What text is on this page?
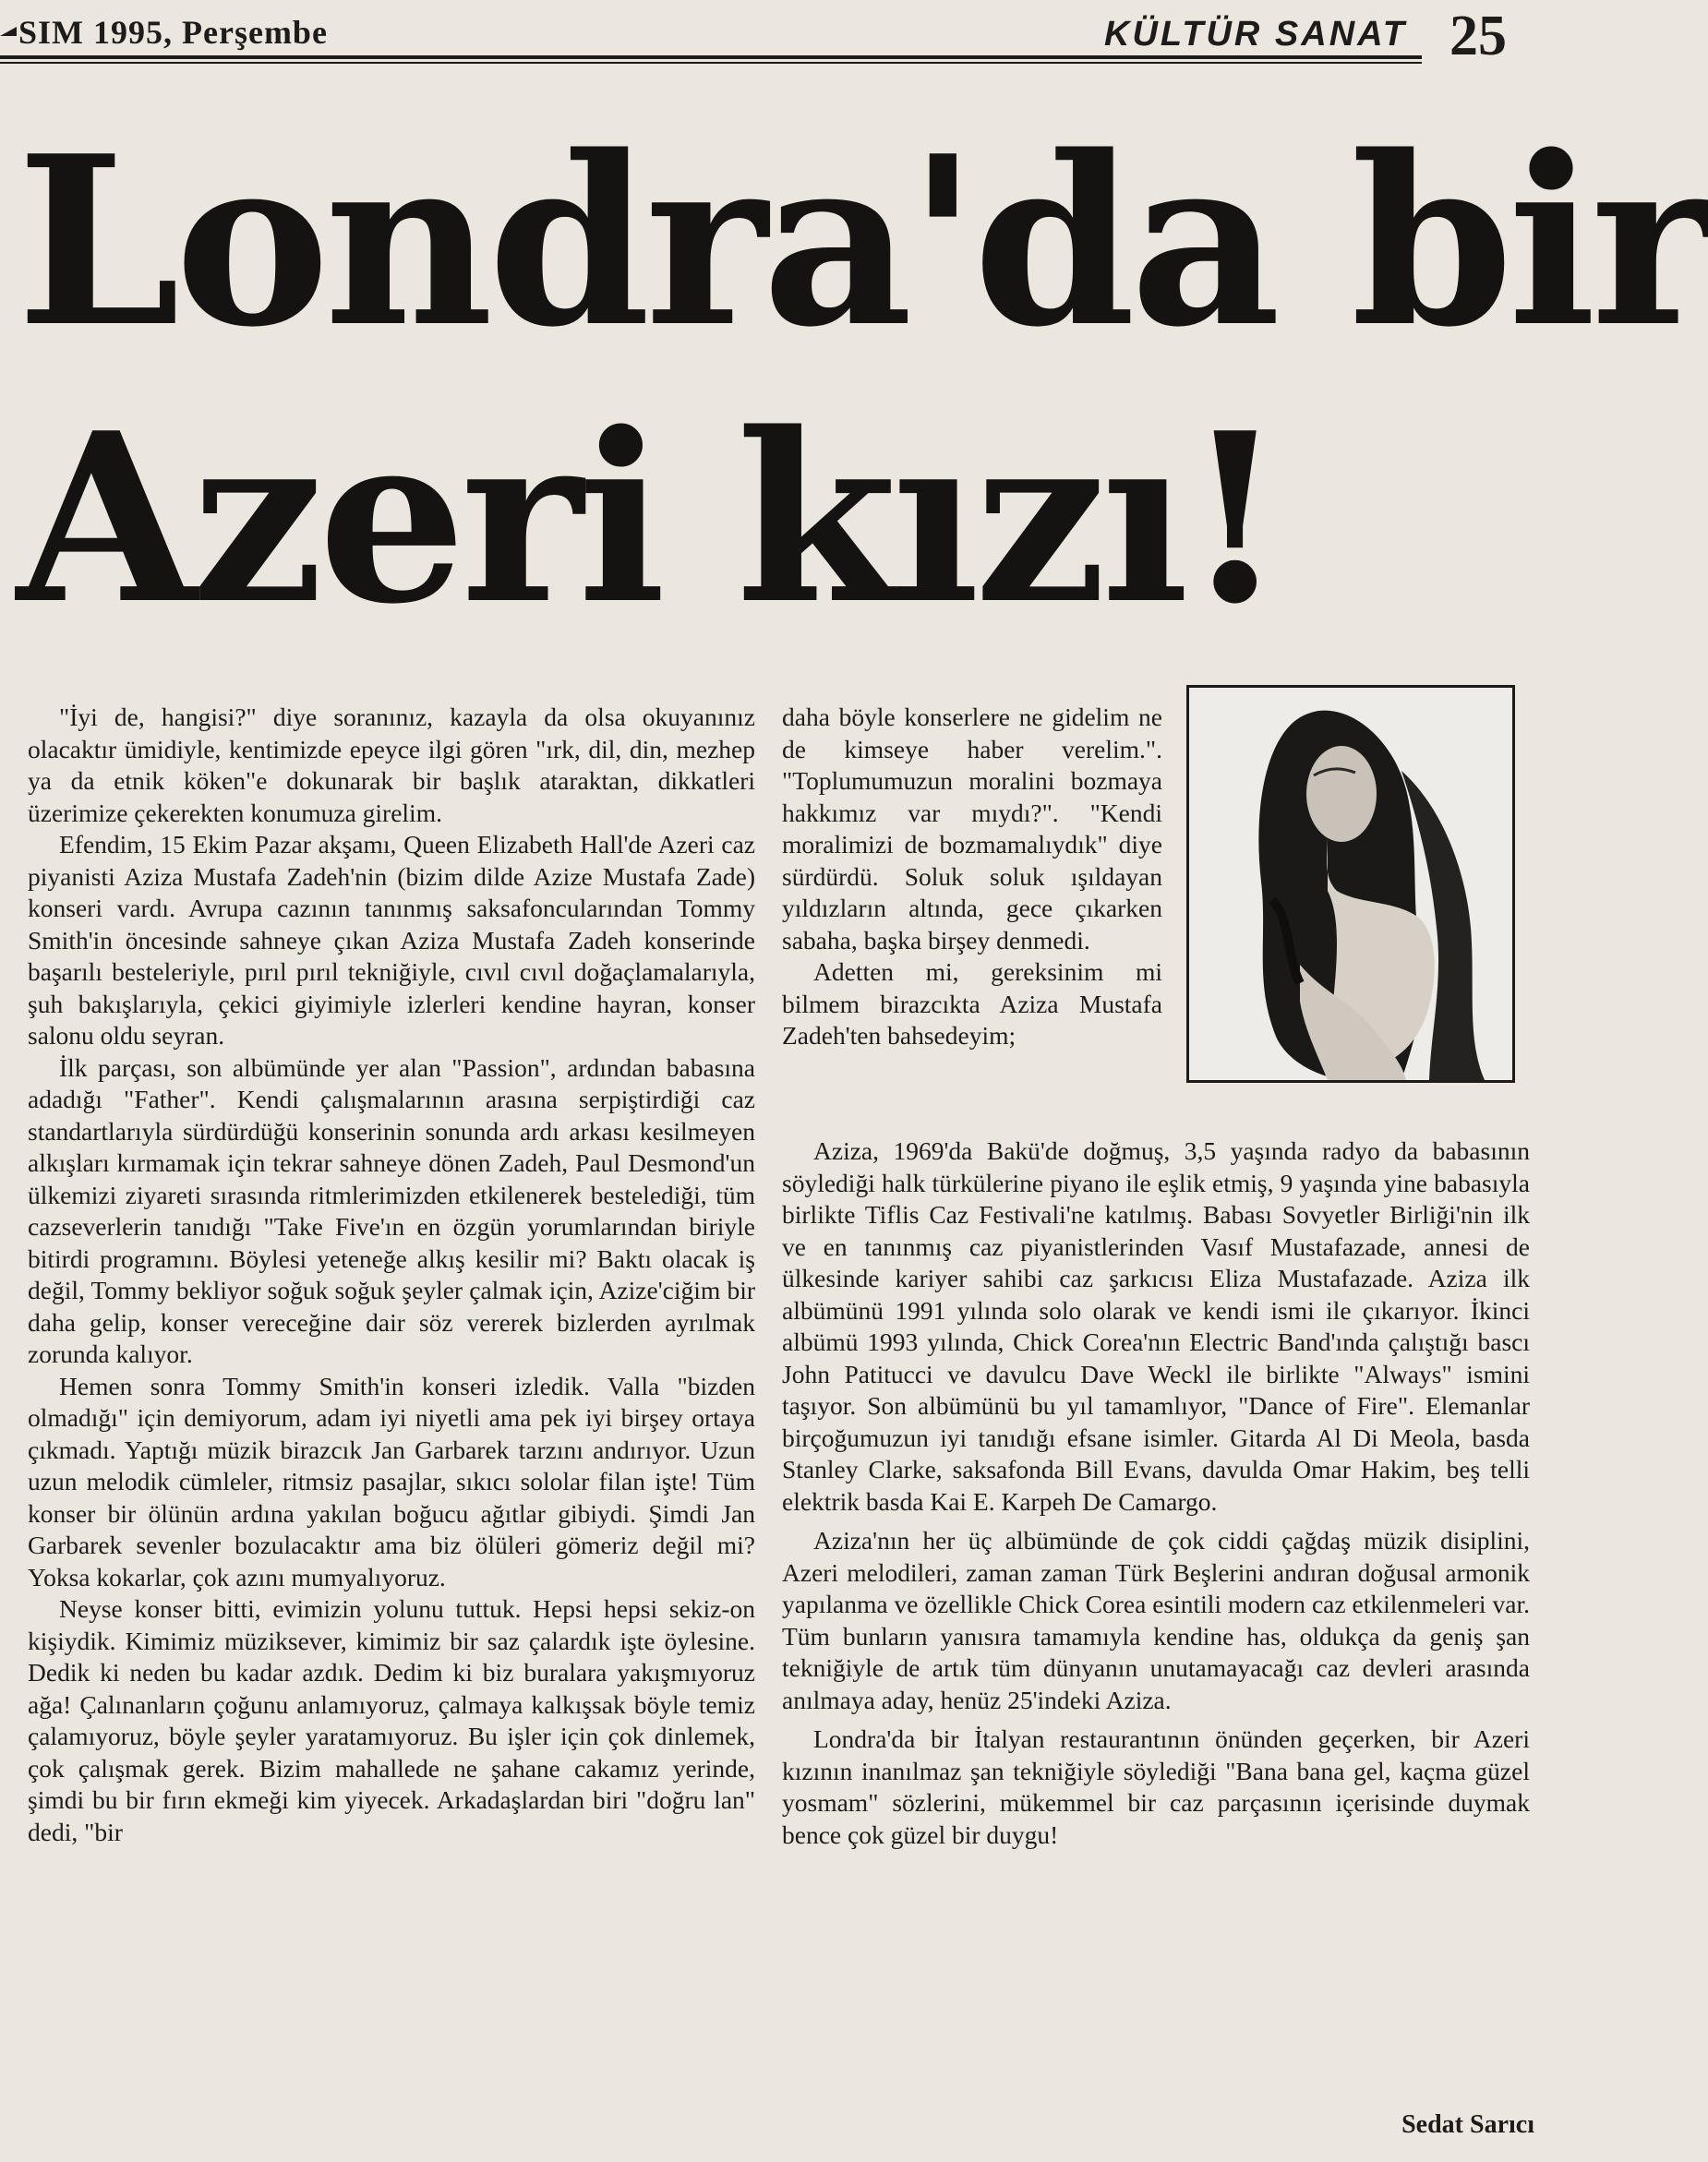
SIM 1995, Perşembe	KÜLTÜR SANAT 25
Londra'da bir
Azeri kızı!

"İyi de, hangisi?" diye soranınız, kazayla da olsa okuyanınız olacaktır ümidiyle, kentimizde epeyce ilgi gören "ırk, dil, din, mezhep ya da etnik köken"e dokunarak bir başlık ataraktan, dikkatleri üzerimize çekerekten konumuza girelim.

Efendim, 15 Ekim Pazar akşamı, Queen Elizabeth Hall'de Azeri caz piyanisti Aziza Mustafa Zadeh'nin (bizim dilde Azize Mustafa Zade) konseri vardı. Avrupa cazının tanınmış saksafoncularından Tommy Smith'in öncesinde sahneye çıkan Aziza Mustafa Zadeh konserinde başarılı besteleriyle, pırıl pırıl tekniğiyle, cıvıl cıvıl doğaçlamalarıyla, şuh bakışlarıyla, çekici giyimiyle izlerleri kendine hayran, konser salonu oldu seyran.

İlk parçası, son albümünde yer alan "Passion", ardından babasına adadığı "Father". Kendi çalışmalarının arasına serpiştirdiği caz standartlarıyla sürdürdüğü konserinin sonunda ardı arkası kesilmeyen alkışları kırmamak için tekrar sahneye dönen Zadeh, Paul Desmond'un ülkemizi ziyareti sırasında ritmlerimizden etkilenerek bestelediği, tüm cazseverlerin tanıdığı "Take Five'ın en özgün yorumlarından biriyle bitirdi programını. Böylesi yeteneğe alkış kesilir mi? Baktı olacak iş değil, Tommy bekliyor soğuk soğuk şeyler çalmak için, Azize'ciğim bir daha gelip, konser vereceğine dair söz vererek bizlerden ayrılmak zorunda kalıyor.

Hemen sonra Tommy Smith'in konseri izledik. Valla "bizden olmadığı" için demiyorum, adam iyi niyetli ama pek iyi birşey ortaya çıkmadı. Yaptığı müzik birazcık Jan Garbarek tarzını andırıyor. Uzun uzun melodik cümleler, ritmsiz pasajlar, sıkıcı sololar filan işte! Tüm konser bir ölünün ardına yakılan boğucu ağıtlar gibiydi. Şimdi Jan Garbarek sevenler bozulacaktır ama biz ölüleri gömeriz değil mi? Yoksa kokarlar, çok azını mumyalıyoruz.

Neyse konser bitti, evimizin yolunu tuttuk. Hepsi hepsi sekiz-on kişiydik. Kimimiz müziksever, kimimiz bir saz çalardık işte öylesine. Dedik ki neden bu kadar azdık. Dedim ki biz buralara yakışmıyoruz ağa! Çalınanların çoğunu anlamıyoruz, çalmaya kalkışsak böyle temiz çalamıyoruz, böyle şeyler yaratamıyoruz. Bu işler için çok dinlemek, çok çalışmak gerek. Bizim mahallede ne şahane cakamız yerinde, şimdi bu bir fırın ekmeği kim yiyecek. Arkadaşlardan biri "doğru lan" dedi, "bir

daha böyle konserlere ne gidelim ne de kimseye haber verelim.". "Toplumumuzun moralini bozmaya hakkımız var mıydı?". "Kendi moralimizi de bozmamalıydık" diye sürdürdü. Soluk soluk ışıldayan yıldızların altında, gece çıkarken sabaha, başka birşey denmedi.

Adetten mi, gereksinim mi bilmem birazcıkta Aziza Mustafa Zadeh'ten bahsedeyim;

Aziza, 1969'da Bakü'de doğmuş, 3,5 yaşında radyo da babasının söylediği halk türkülerine piyano ile eşlik etmiş, 9 yaşında yine babasıyla birlikte Tiflis Caz Festivali'ne katılmış. Babası Sovyetler Birliği'nin ilk ve en tanınmış caz piyanistlerinden Vasıf Mustafazade, annesi de ülkesinde kariyer sahibi caz şarkıcısı Eliza Mustafazade. Aziza ilk albümünü 1991 yılında solo olarak ve kendi ismi ile çıkarıyor. İkinci albümü 1993 yılında, Chick Corea'nın Electric Band'ında çalıştığı bascı John Patitucci ve davulcu Dave Weckl ile birlikte "Always" ismini taşıyor. Son albümünü bu yıl tamamlıyor, "Dance of Fire". Elemanlar birçoğumuzun iyi tanıdığı efsane isimler. Gitarda Al Di Meola, basda Stanley Clarke, saksafonda Bill Evans, davulda Omar Hakim, beş telli elektrik basda Kai E. Karpeh De Camargo.

Aziza'nın her üç albümünde de çok ciddi çağdaş müzik disiplini, Azeri melodileri, zaman zaman Türk Beşlerini andıran doğusal armonik yapılanma ve özellikle Chick Corea esintili modern caz etkilenmeleri var. Tüm bunların yanısıra tamamıyla kendine has, oldukça da geniş şan tekniğiyle de artık tüm dünyanın unutamayacağı caz devleri arasında anılmaya aday, henüz 25'indeki Aziza.

Londra'da bir İtalyan restaurantının önünden geçerken, bir Azeri kızının inanılmaz şan tekniğiyle söylediği "Bana bana gel, kaçma güzel yosmam" sözlerini, mükemmel bir caz parçasının içerisinde duymak bence çok güzel bir duygu!

Sedat Sarıcı
